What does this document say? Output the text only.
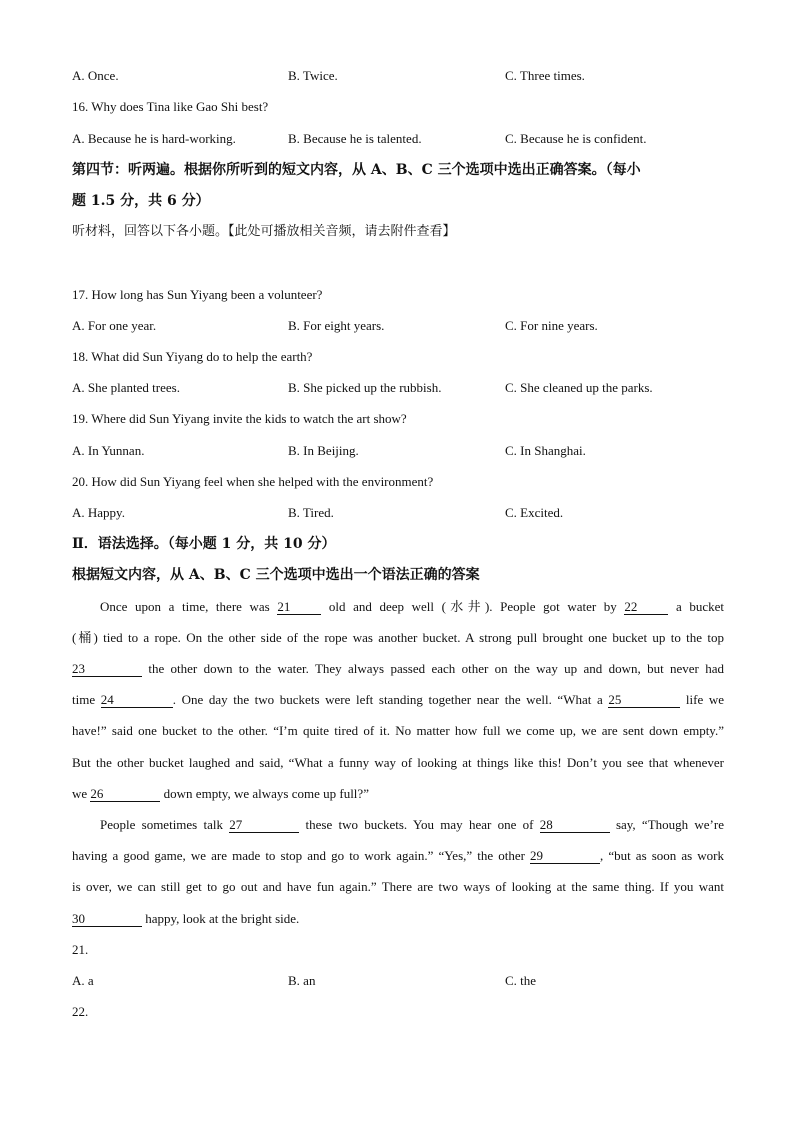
A. Once.	B. Twice.	C. Three times.
16. Why does Tina like Gao Shi best?
A. Because he is hard-working.	B. Because he is talented.	C. Because he is confident.
第四节：听两遍。根据你所听到的短文内容，从 A、B、C 三个选项中选出正确答案。（每小
题 1.5 分，共 6 分）
听材料，回答以下各小题。【此处可播放相关音频，请去附件查看】
17. How long has Sun Yiyang been a volunteer?
A. For one year.	B. For eight years.	C. For nine years.
18. What did Sun Yiyang do to help the earth?
A. She planted trees.	B. She picked up the rubbish.	C. She cleaned up the parks.
19. Where did Sun Yiyang invite the kids to watch the art show?
A. In Yunnan.	B. In Beijing.	C. In Shanghai.
20. How did Sun Yiyang feel when she helped with the environment?
A. Happy.	B. Tired.	C. Excited.
Ⅱ．语法选择。（每小题 1 分，共 10 分）
根据短文内容，从 A、B、C 三个选项中选出一个语法正确的答案
Once upon a time, there was 21 old and deep well (水井). People got water by 22 a bucket
(桶) tied to a rope. On the other side of the rope was another bucket. A strong pull brought one bucket up to the top
23	the other down to the water. They always passed each other on the way up and down, but never had
time 24	. One day the two buckets were left standing together near the well. “What a 25	life we
have!” said one bucket to the other. “I’m quite tired of it. No matter how full we come up, we are sent down empty.”
But the other bucket laughed and said, “What a funny way of looking at things like this! Don’t you see that whenever
we 26	down empty, we always come up full?”
People sometimes talk 27	these two buckets. You may hear one of 28	say, “Though we’re
having a good game, we are made to stop and go to work again.” “Yes,” the other 29	, “but as soon as work
is over, we can still get to go out and have fun again.” There are two ways of looking at the same thing. If you want
30	happy, look at the bright side.
21.
A. a	B. an	C. the
22.
